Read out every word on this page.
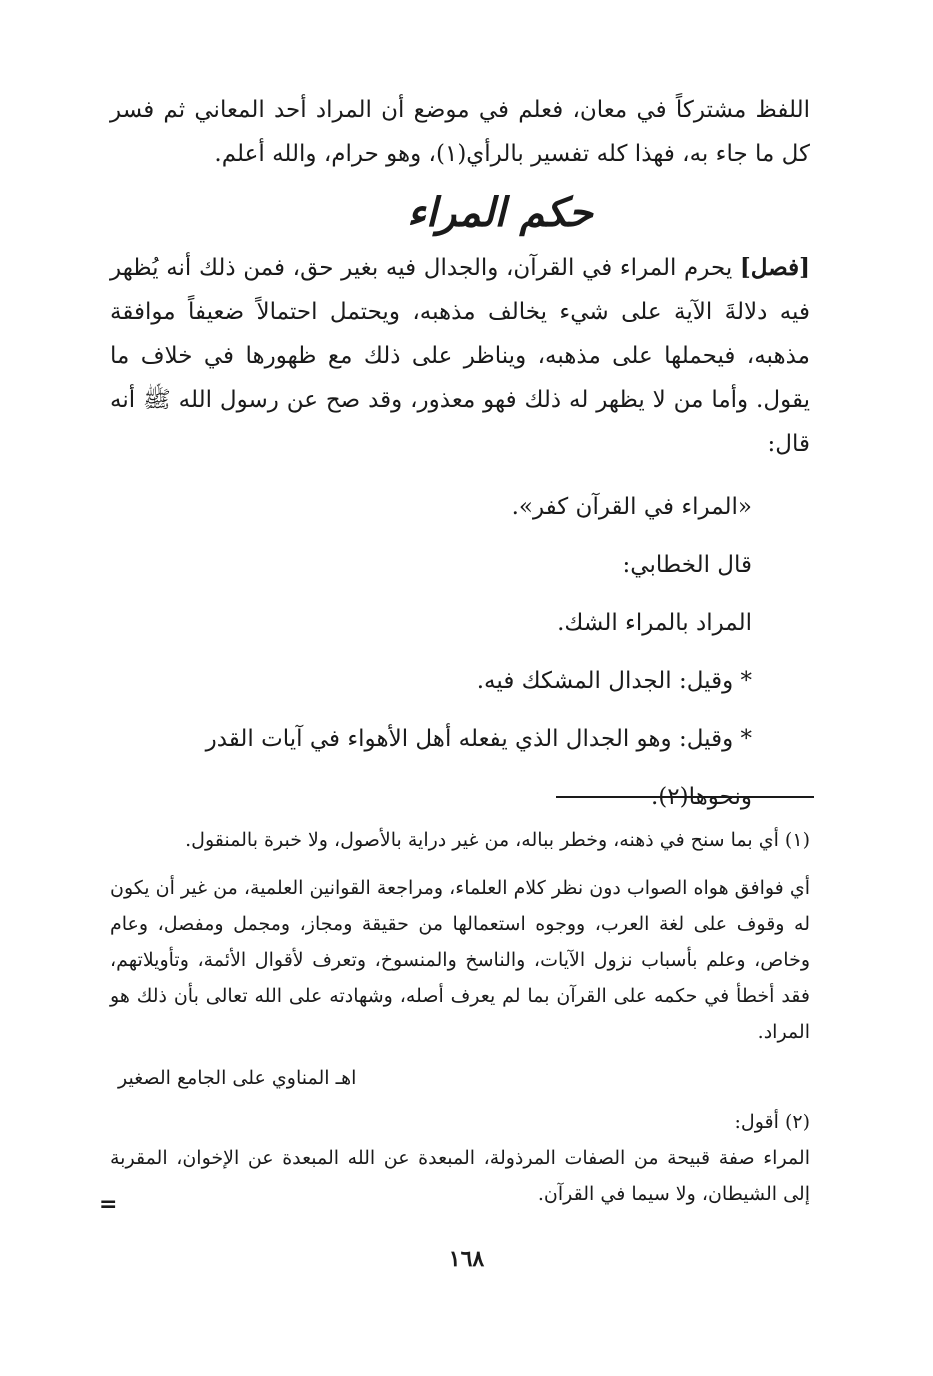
اللفظ مشتركاً في معان، فعلم في موضع أن المراد أحد المعاني ثم فسر كل ما جاء به، فهذا كله تفسير بالرأي(١)، وهو حرام، والله أعلم.

حكم المراء

[فصل] يحرم المراء في القرآن، والجدال فيه بغير حق، فمن ذلك أنه يُظهر فيه دلالةَ الآية على شيء يخالف مذهبه، ويحتمل احتمالاً ضعيفاً موافقة مذهبه، فيحملها على مذهبه، ويناظر على ذلك مع ظهورها في خلاف ما يقول. وأما من لا يظهر له ذلك فهو معذور، وقد صح عن رسول الله ﷺ أنه قال:

«المراء في القرآن كفر».

قال الخطابي:

المراد بالمراء الشك.

* وقيل: الجدال المشكك فيه.

* وقيل: وهو الجدال الذي يفعله أهل الأهواء في آيات القدر ونحوها(٢).

(١) أي بما سنح في ذهنه، وخطر بباله، من غير دراية بالأصول، ولا خبرة بالمنقول.

أي فوافق هواه الصواب دون نظر كلام العلماء، ومراجعة القوانين العلمية، من غير أن يكون له وقوف على لغة العرب، ووجوه استعمالها من حقيقة ومجاز، ومجمل ومفصل، وعام وخاص، وعلم بأسباب نزول الآيات، والناسخ والمنسوخ، وتعرف لأقوال الأئمة، وتأويلاتهم، فقد أخطأ في حكمه على القرآن بما لم يعرف أصله، وشهادته على الله تعالى بأن ذلك هو المراد.

اهـ المناوي على الجامع الصغير

(٢) أقول:

المراء صفة قبيحة من الصفات المرذولة، المبعدة عن الله المبعدة عن الإخوان، المقربة إلى الشيطان، ولا سيما في القرآن.

=
١٦٨
